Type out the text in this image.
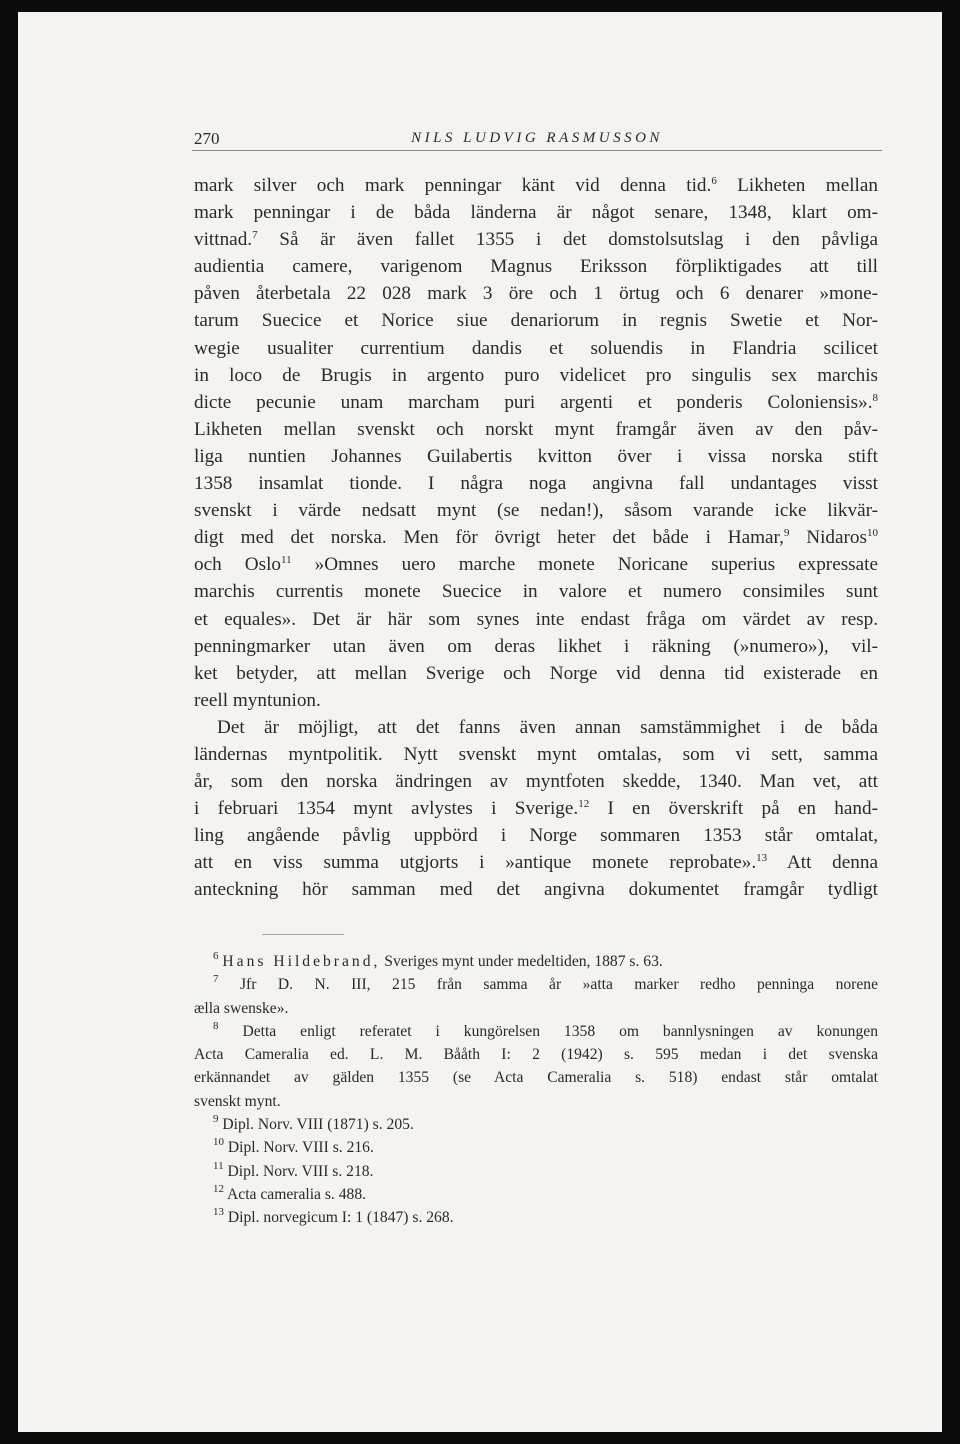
270	NILS LUDVIG RASMUSSON
mark silver och mark penningar känt vid denna tid.$^6$ Likheten mellan
mark penningar i de båda länderna är något senare, 1348, klart om-
vittnad.$^7$ Så är även fallet 1355 i det domstolsutslag i den påvliga
audientia camere, varigenom Magnus Eriksson förpliktigades att till
påven återbetala 22 028 mark 3 öre och 1 örtug och 6 denarer »mone-
tarum Suecice et Norice siue denariorum in regnis Swetie et Nor-
wegie usualiter currentium dandis et soluendis in Flandria scilicet
in loco de Brugis in argento puro videlicet pro singulis sex marchis
dicte pecunie unam marcham puri argenti et ponderis Coloniensis».$^8$
Likheten mellan svenskt och norskt mynt framgår även av den påv-
liga nuntien Johannes Guilabertis kvitton över i vissa norska stift
1358 insamlat tionde. I några noga angivna fall undantages visst
svenskt i värde nedsatt mynt (se nedan!), såsom varande icke likvär-
digt med det norska. Men för övrigt heter det både i Hamar,$^9$ Nidaros$^{10}$
och Oslo$^{11}$ »Omnes uero marche monete Noricane superius expressate
marchis currentis monete Suecice in valore et numero consimiles sunt
et equales». Det är här som synes inte endast fråga om värdet av resp.
penningmarker utan även om deras likhet i räkning (»numero»), vil-
ket betyder, att mellan Sverige och Norge vid denna tid existerade en
reell myntunion.
Det är möjligt, att det fanns även annan samstämmighet i de båda
ländernas myntpolitik. Nytt svenskt mynt omtalas, som vi sett, samma
år, som den norska ändringen av myntfoten skedde, 1340. Man vet, att
i februari 1354 mynt avlystes i Sverige.$^{12}$ I en överskrift på en hand-
ling angående påvlig uppbörd i Norge sommaren 1353 står omtalat,
att en viss summa utgjorts i »antique monete reprobate».$^{13}$ Att denna
anteckning hör samman med det angivna dokumentet framgår tydligt
$^6$ Hans Hildebrand, Sveriges mynt under medeltiden, 1887 s. 63.
$^7$ Jfr D. N. III, 215 från samma år »atta marker redho penninga norene
ælla swenske».
$^8$ Detta enligt referatet i kungörelsen 1358 om bannlysningen av konungen
Acta Cameralia ed. L. M. Bååth I: 2 (1942) s. 595 medan i det svenska
erkännandet av gälden 1355 (se Acta Cameralia s. 518) endast står omtalat
svenskt mynt.
$^9$ Dipl. Norv. VIII (1871) s. 205.
$^{10}$ Dipl. Norv. VIII s. 216.
$^{11}$ Dipl. Norv. VIII s. 218.
$^{12}$ Acta cameralia s. 488.
$^{13}$ Dipl. norvegicum I: 1 (1847) s. 268.
